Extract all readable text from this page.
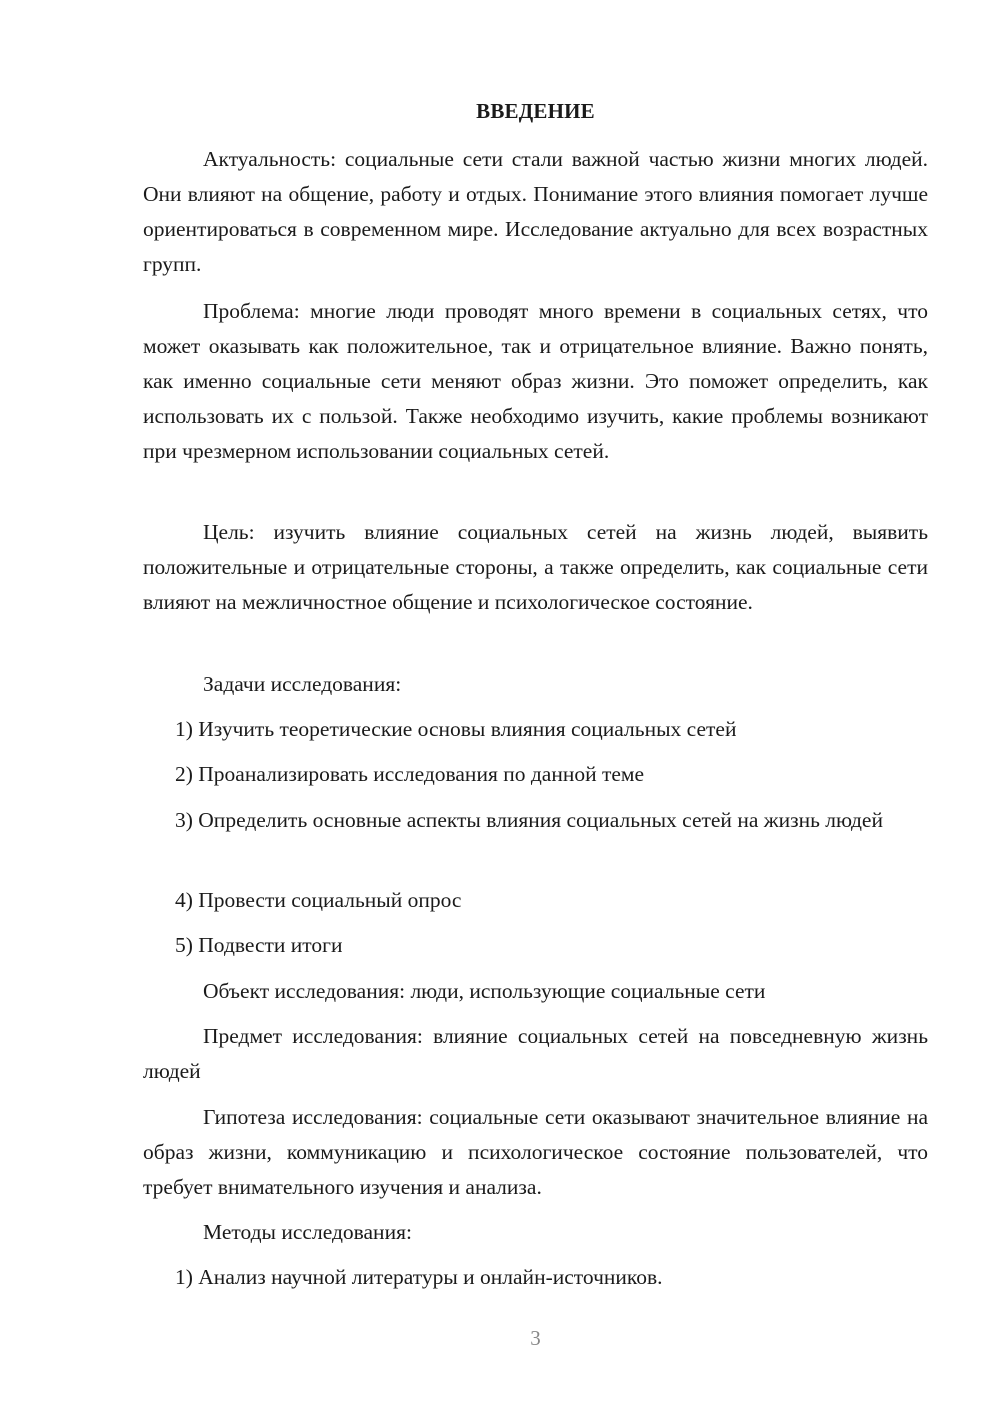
ВВЕДЕНИЕ

Актуальность: социальные сети стали важной частью жизни многих людей. Они влияют на общение, работу и отдых. Понимание этого влияния помогает лучше ориентироваться в современном мире. Исследование актуально для всех возрастных групп.

Проблема: многие люди проводят много времени в социальных сетях, что может оказывать как положительное, так и отрицательное влияние. Важно понять, как именно социальные сети меняют образ жизни. Это поможет определить, как использовать их с пользой. Также необходимо изучить, какие проблемы возникают при чрезмерном использовании социальных сетей.

Цель: изучить влияние социальных сетей на жизнь людей, выявить положительные и отрицательные стороны, а также определить, как социальные сети влияют на межличностное общение и психологическое состояние.

Задачи исследования:

1) Изучить теоретические основы влияния социальных сетей

2) Проанализировать исследования по данной теме

3) Определить основные аспекты влияния социальных сетей на жизнь людей

4) Провести социальный опрос

5) Подвести итоги

Объект исследования: люди, использующие социальные сети

Предмет исследования: влияние социальных сетей на повседневную жизнь людей

Гипотеза исследования: социальные сети оказывают значительное влияние на образ жизни, коммуникацию и психологическое состояние пользователей, что требует внимательного изучения и анализа.

Методы исследования:

1) Анализ научной литературы и онлайн-источников.

3
